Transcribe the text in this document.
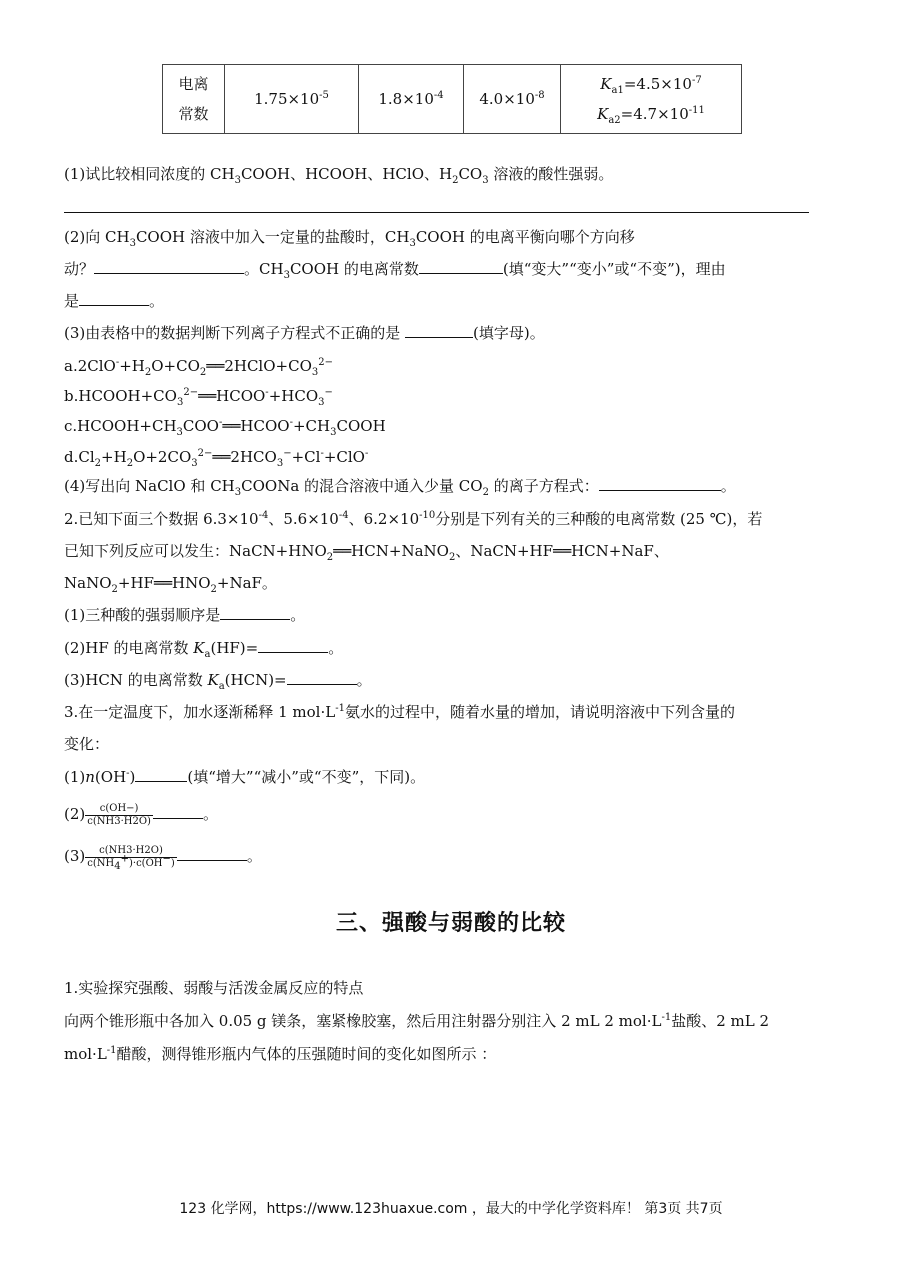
电离
常数	$1.75\times 10^{-5}$	$1.8\times 10^{-4}$	$4.0\times 10^{-8}$	$K_{a1}=4.5\times 10^{-7}$
$K_{a2}=4.7\times 10^{-11}$
(1)试比较相同浓度的 $CH_3COOH$、HCOOH、HClO、$H_2CO_3$ 溶液的酸性强弱。
(2)向 $CH_3COOH$ 溶液中加入一定量的盐酸时，$CH_3COOH$ 的电离平衡向哪个方向移
动？	。$CH_3COOH$ 的电离常数	(填“变大”“变小”或“不变”)，理由
是	。
(3)由表格中的数据判断下列离子方程式不正确的是	(填字母)。
$a.2ClO^-+H_2O+CO_2══2HClO+CO_3^{2-}$
$b.HCOOH+CO_3^{2-}══HCOO^-+HCO_3^-$
$c.HCOOH+CH_3COO^-══HCOO^-+CH_3COOH$
$d.Cl_2+H_2O+2CO_3^{2-}══2HCO_3^-+Cl^-+ClO^-$
(4)写出向 NaClO 和 $CH_3COONa$ 的混合溶液中通入少量 $CO_2$ 的离子方程式：	。
2.已知下面三个数据 $6.3\times 10^{-4}$、$5.6\times 10^{-4}$、$6.2\times 10^{-10}$分别是下列有关的三种酸的电离常数 (25 ℃)，若
已知下列反应可以发生：$NaCN+HNO_2══HCN+NaNO_2$、NaCN+HF══HCN+NaF、
$NaNO_2+HF══HNO_2+NaF$。
(1)三种酸的强弱顺序是	。
(2)HF 的电离常数 $K_a(HF)=$	。
(3)HCN 的电离常数 $K_a(HCN)=$	。
3.在一定温度下，加水逐渐稀释 1 $mol\cdot L^{-1}$氨水的过程中，随着水量的增加，请说明溶液中下列含量的
变化：
(1)n(OH-)	(填“增大”“减小”或“不变”，下同)。
$(2) \frac{c(OH-)}{c(NH3\cdot H2O)}$	。
$(3) \frac{c(NH3\cdot H2O)}{c(NH_4^+)\cdot c(OH^-)}$	。
三、强酸与弱酸的比较
1.实验探究强酸、弱酸与活泼金属反应的特点
向两个锥形瓶中各加入 0.05 g 镁条，塞紧橡胶塞，然后用注射器分别注入 2 mL 2 $mol\cdot L^{-1}$盐酸、2 mL 2
$mol\cdot L^{-1}$醋酸，测得锥形瓶内气体的压强随时间的变化如图所示 ：
123 化学网，https://www.123huaxue.com ，最大的中学化学资料库！ 第3页 共7页
